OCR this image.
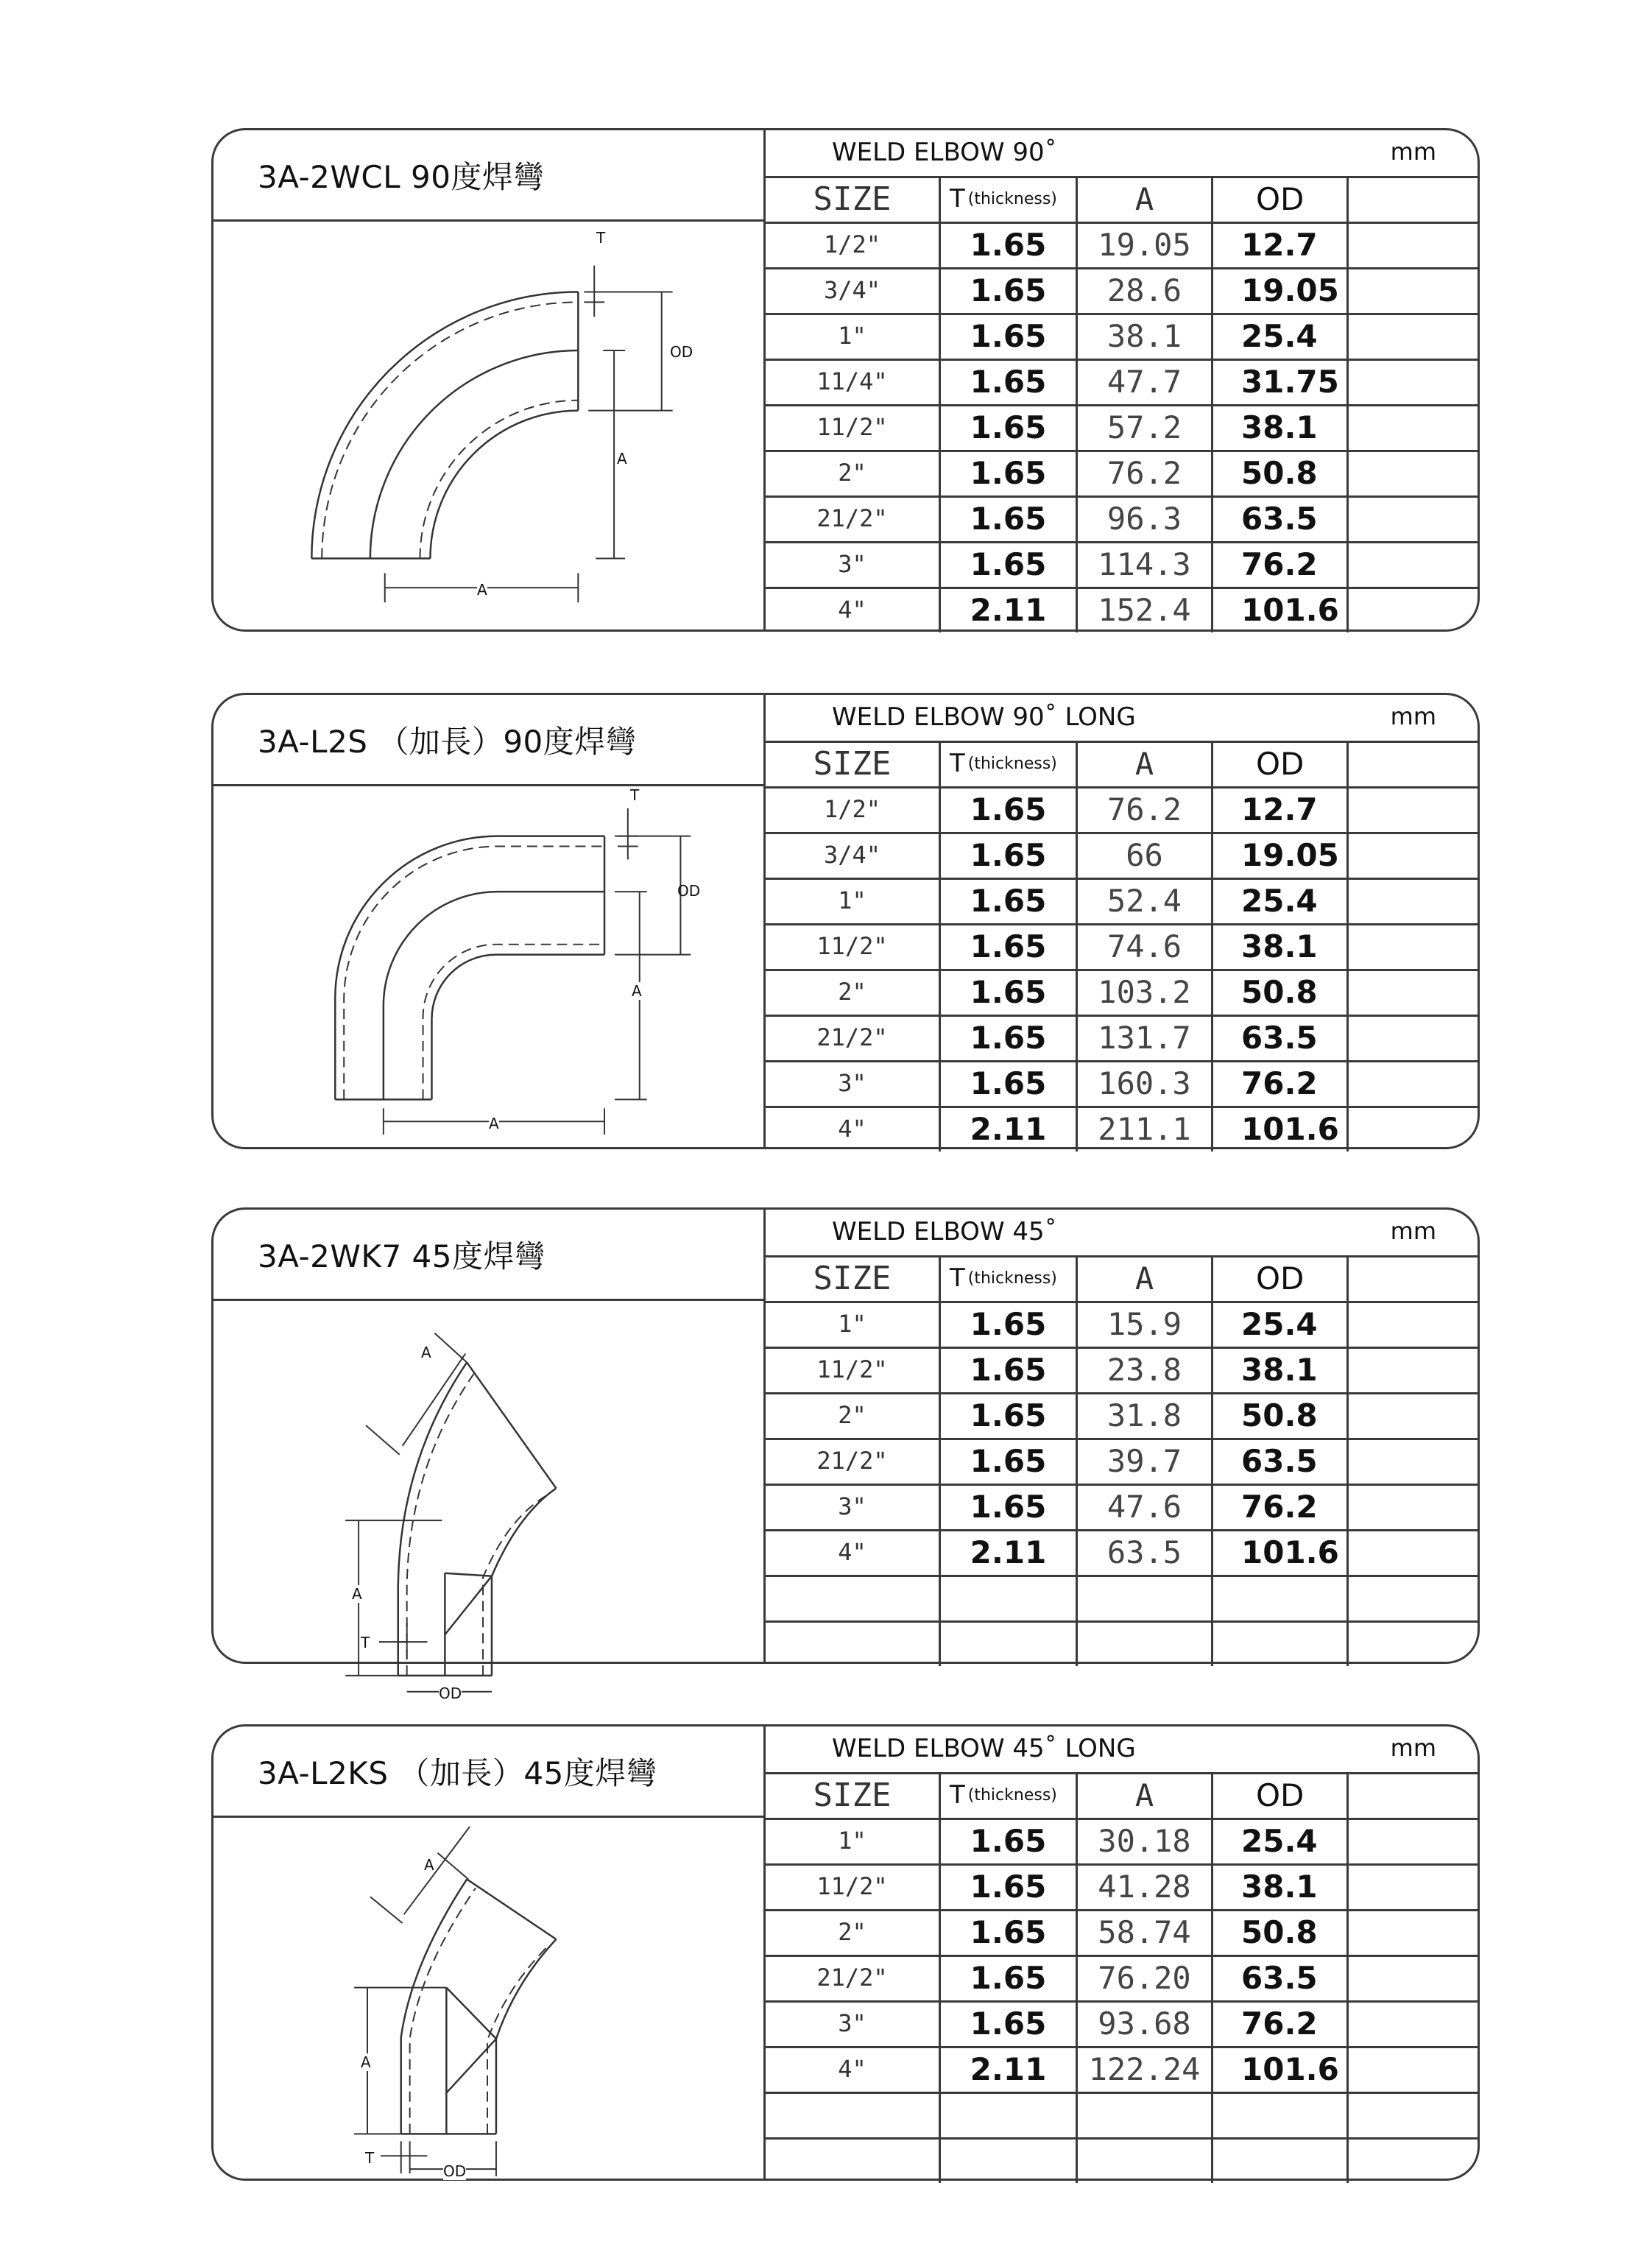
3A-2WCL 90度焊彎
T
OD
A
A
WELD ELBOW 90˚	mm
SIZE	T (thickness)	A	OD
1/2"	1.65	19.05	12.7
3/4"	1.65	28.6	19.05
1"	1.65	38.1	25.4
11/4"	1.65	47.7	31.75
11/2"	1.65	57.2	38.1
2"	1.65	76.2	50.8
21/2"	1.65	96.3	63.5
3"	1.65	114.3	76.2
4"	2.11	152.4	101.6
3A-L2S （加長）90度焊彎
T
OD
A
A
WELD ELBOW 90˚ LONG	mm
SIZE	T (thickness)	A	OD
1/2"	1.65	76.2	12.7
3/4"	1.65	66	19.05
1"	1.65	52.4	25.4
11/2"	1.65	74.6	38.1
2"	1.65	103.2	50.8
21/2"	1.65	131.7	63.5
3"	1.65	160.3	76.2
4"	2.11	211.1	101.6
3A-2WK7 45度焊彎
A
A
T
OD
WELD ELBOW 45˚	mm
SIZE	T (thickness)	A	OD
1"	1.65	15.9	25.4
11/2"	1.65	23.8	38.1
2"	1.65	31.8	50.8
21/2"	1.65	39.7	63.5
3"	1.65	47.6	76.2
4"	2.11	63.5	101.6
3A-L2KS （加長）45度焊彎
A
A
T
OD
WELD ELBOW 45˚ LONG	mm
SIZE	T (thickness)	A	OD
1"	1.65	30.18	25.4
11/2"	1.65	41.28	38.1
2"	1.65	58.74	50.8
21/2"	1.65	76.20	63.5
3"	1.65	93.68	76.2
4"	2.11	122.24	101.6
